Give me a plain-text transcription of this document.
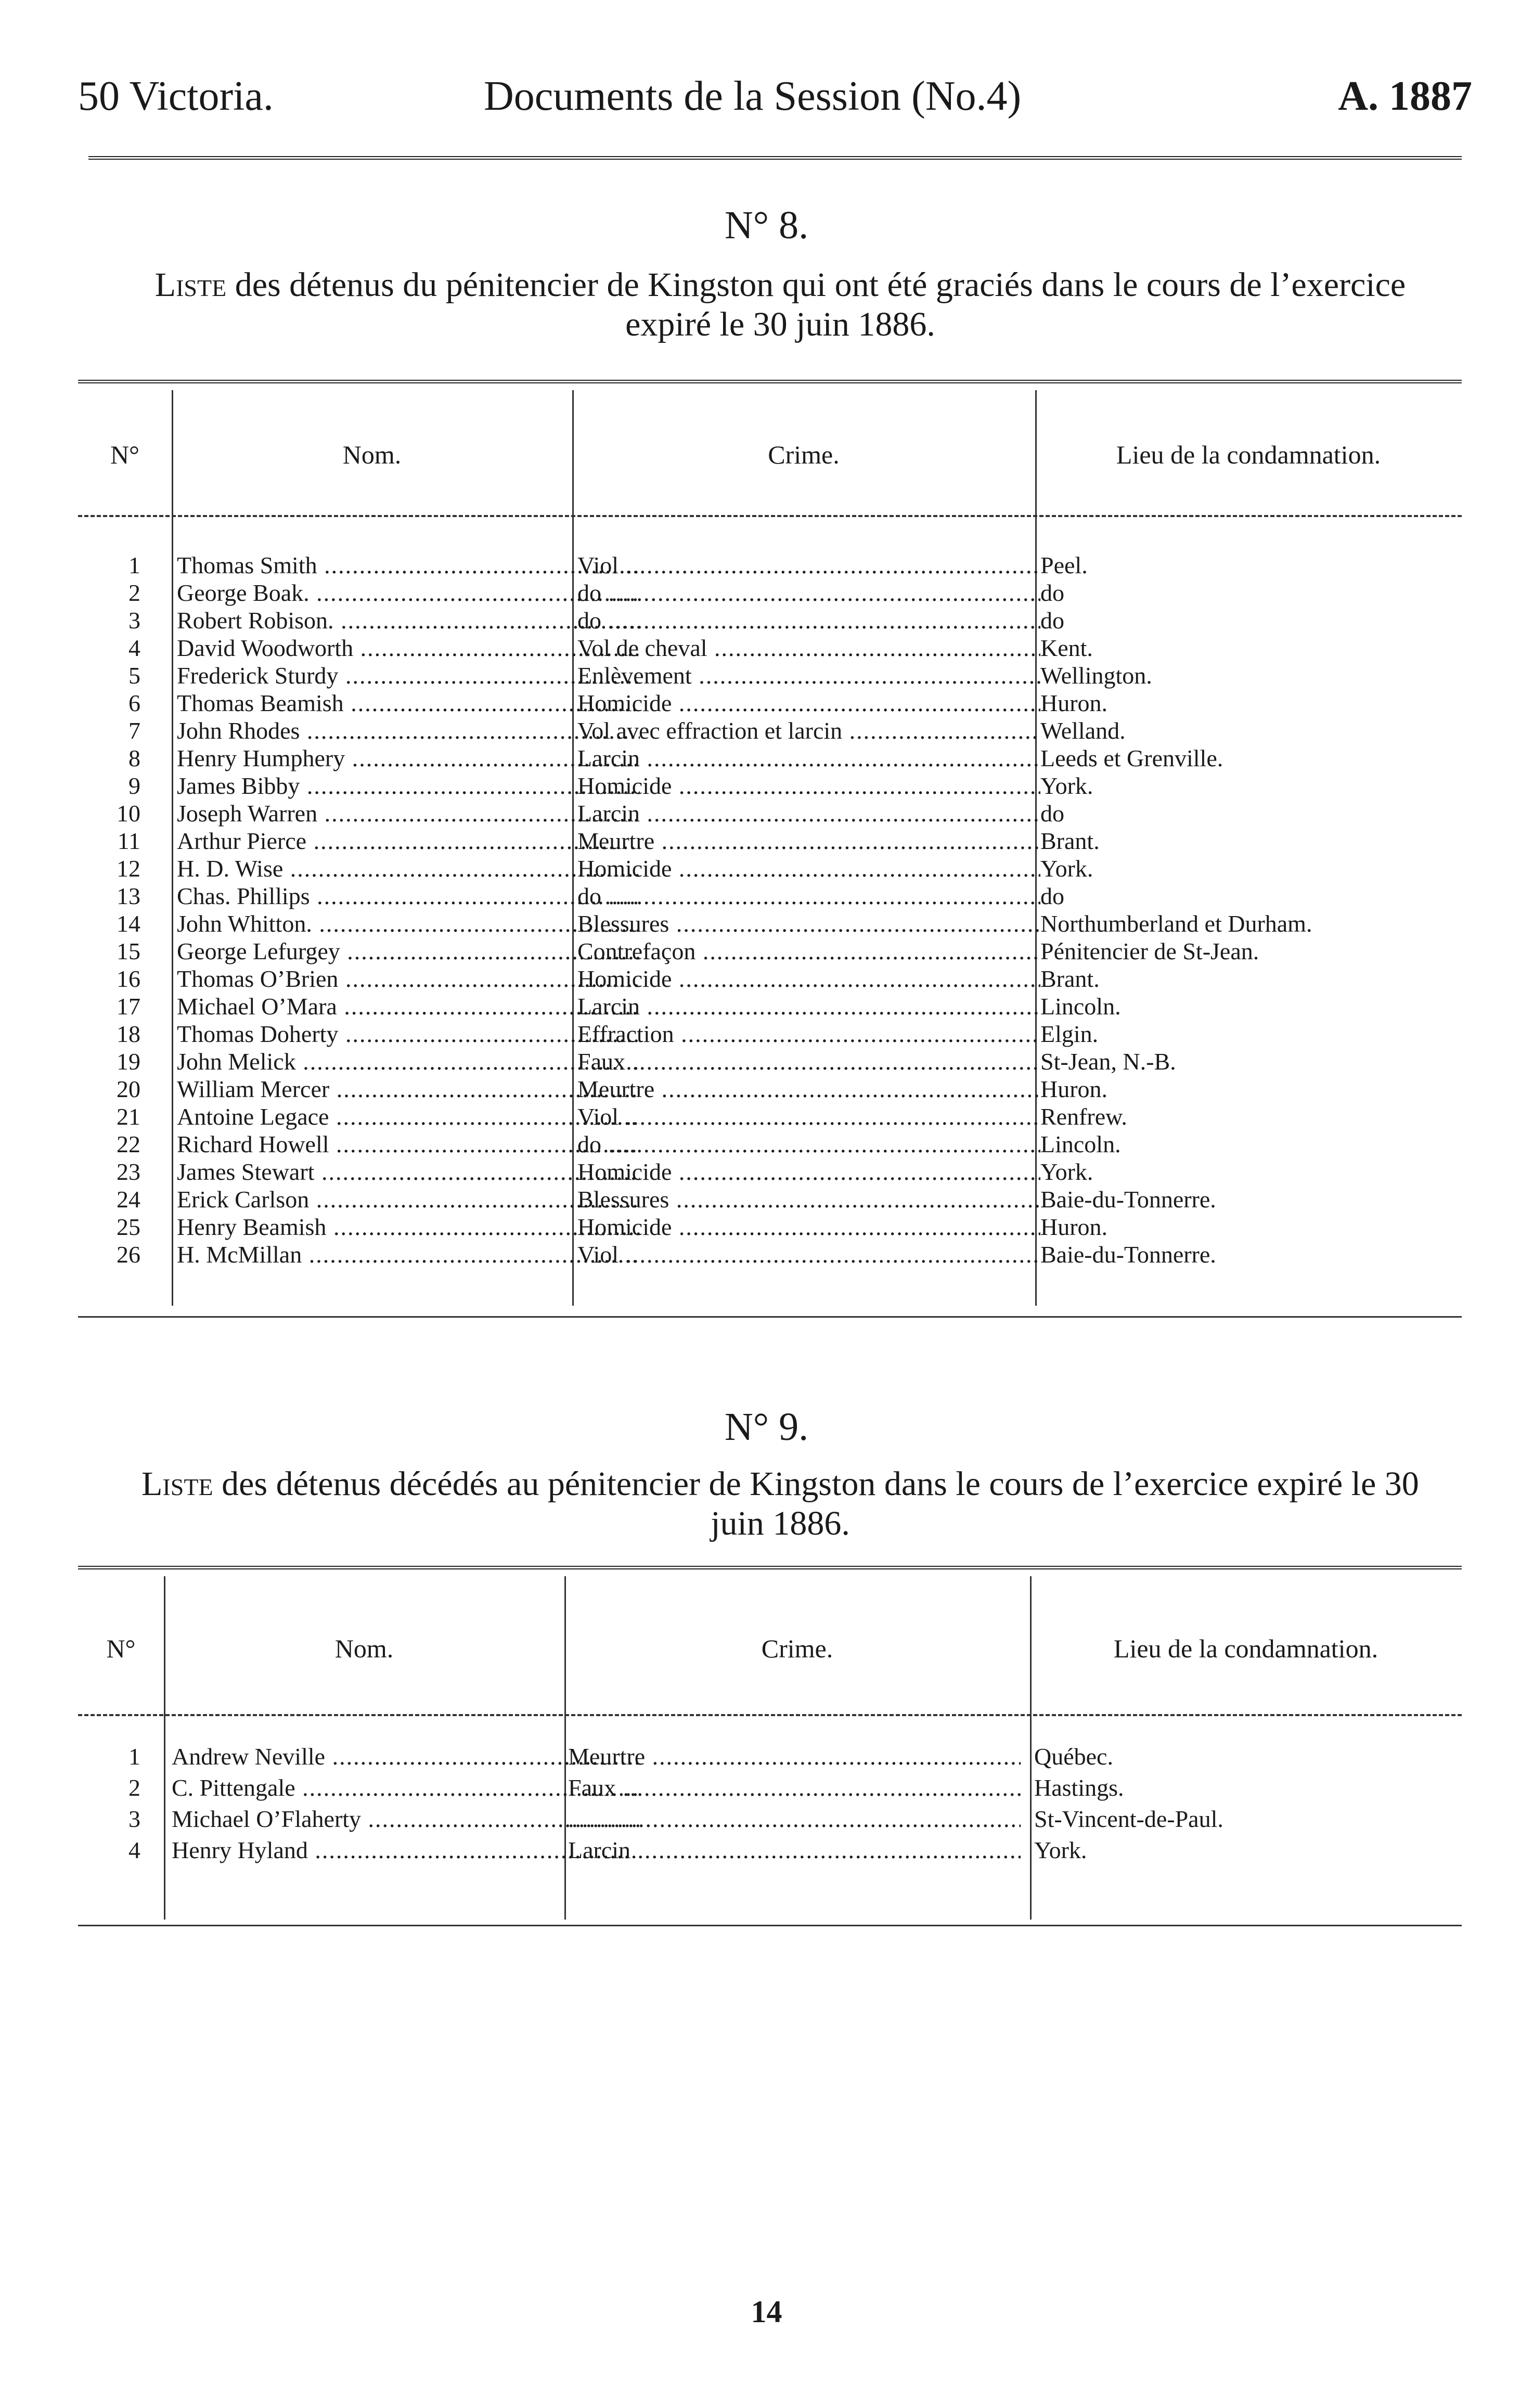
50 Victoria.	Documents de la Session (No.4)	A. 1887
N° 8.
Liste des détenus du pénitencier de Kingston qui ont été graciés dans le cours de l’exercice expiré le 30 juin 1886.
N°	Nom.	Crime.	Lieu de la condamnation.
1 Thomas Smith .....	Viol .....	Peel.
2 George Boak. .....	do .....	do
3 Robert Robison. .....	do .....	do
4 David Woodworth .....	Vol de cheval .....	Kent.
5 Frederick Sturdy .....	Enlèvement .....	Wellington.
6 Thomas Beamish .....	Homicide .....	Huron.
7 John Rhodes .....	Vol avec effraction et larcin .....	Welland.
8 Henry Humphery .....	Larcin .....	Leeds et Grenville.
9 James Bibby .....	Homicide .....	York.
10 Joseph Warren .....	Larcin .....	do
11 Arthur Pierce .....	Meurtre .....	Brant.
12 H. D. Wise .....	Homicide .....	York.
13 Chas. Phillips .....	do .....	do
14 John Whitton. .....	Blessures .....	Northumberland et Durham.
15 George Lefurgey .....	Contrefaçon .....	Pénitencier de St-Jean.
16 Thomas O’Brien .....	Homicide .....	Brant.
17 Michael O’Mara .....	Larcin .....	Lincoln.
18 Thomas Doherty .....	Effraction .....	Elgin.
19 John Melick .....	Faux .....	St-Jean, N.-B.
20 William Mercer .....	Meurtre .....	Huron.
21 Antoine Legace .....	Viol .....	Renfrew.
22 Richard Howell .....	do .....	Lincoln.
23 James Stewart .....	Homicide .....	York.
24 Erick Carlson .....	Blessures .....	Baie-du-Tonnerre.
25 Henry Beamish .....	Homicide .....	Huron.
26 H. McMillan .....	Viol .....	Baie-du-Tonnerre.
N° 9.
Liste des détenus décédés au pénitencier de Kingston dans le cours de l’exercice expiré le 30 juin 1886.
N°	Nom.	Crime.	Lieu de la condamnation.
1 Andrew Neville .....	Meurtre .....	Québec.
2 C. Pittengale .....	Faux .....	Hastings.
3 Michael O’Flaherty .....
.....	St-Vincent-de-Paul.
4 Henry Hyland .....	Larcin .....	York.
14
